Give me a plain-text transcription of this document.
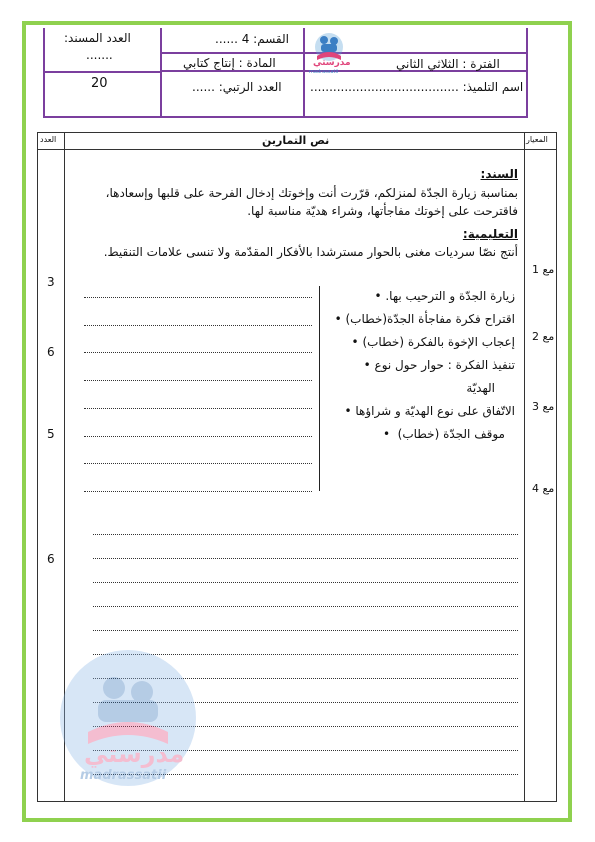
العدد المسند:
.......
20
القسم: 4 ......
المادة : إنتاج كتابي
العدد الرتبي: ......
الفترة : الثلاثي الثاني
اسم التلميذ: .......................................
مدرستي
madrassatii
العدد	نص التمارين	المعيار
3
6
5
6
مع 1
مع 2
مع 3
مع 4
السند:
بمناسبة زيارة الجدّة لمنزلكم، قرّرت أنت وإخوتك إدخال الفرحة على قلبها وإسعادها، فاقترحت على إخوتك مفاجأتها، وشراء هديّة مناسبة لها.
التعليمية:
أنتج نصّا سرديات مغنى بالحوار مسترشدا بالأفكار المقدّمة ولا تنسى علامات التنقيط.
زيارة الجدّة و الترحيب بها. •
اقتراح فكرة مفاجأة الجدّة(خطاب) •
إعجاب الإخوة بالفكرة (خطاب) •
تنفيذ الفكرة : حوار حول نوع •
الهديّة
الاتّفاق على نوع الهديّة و شراؤها •
موقف الجدّة (خطاب)  •
مدرستي
madrassatii
